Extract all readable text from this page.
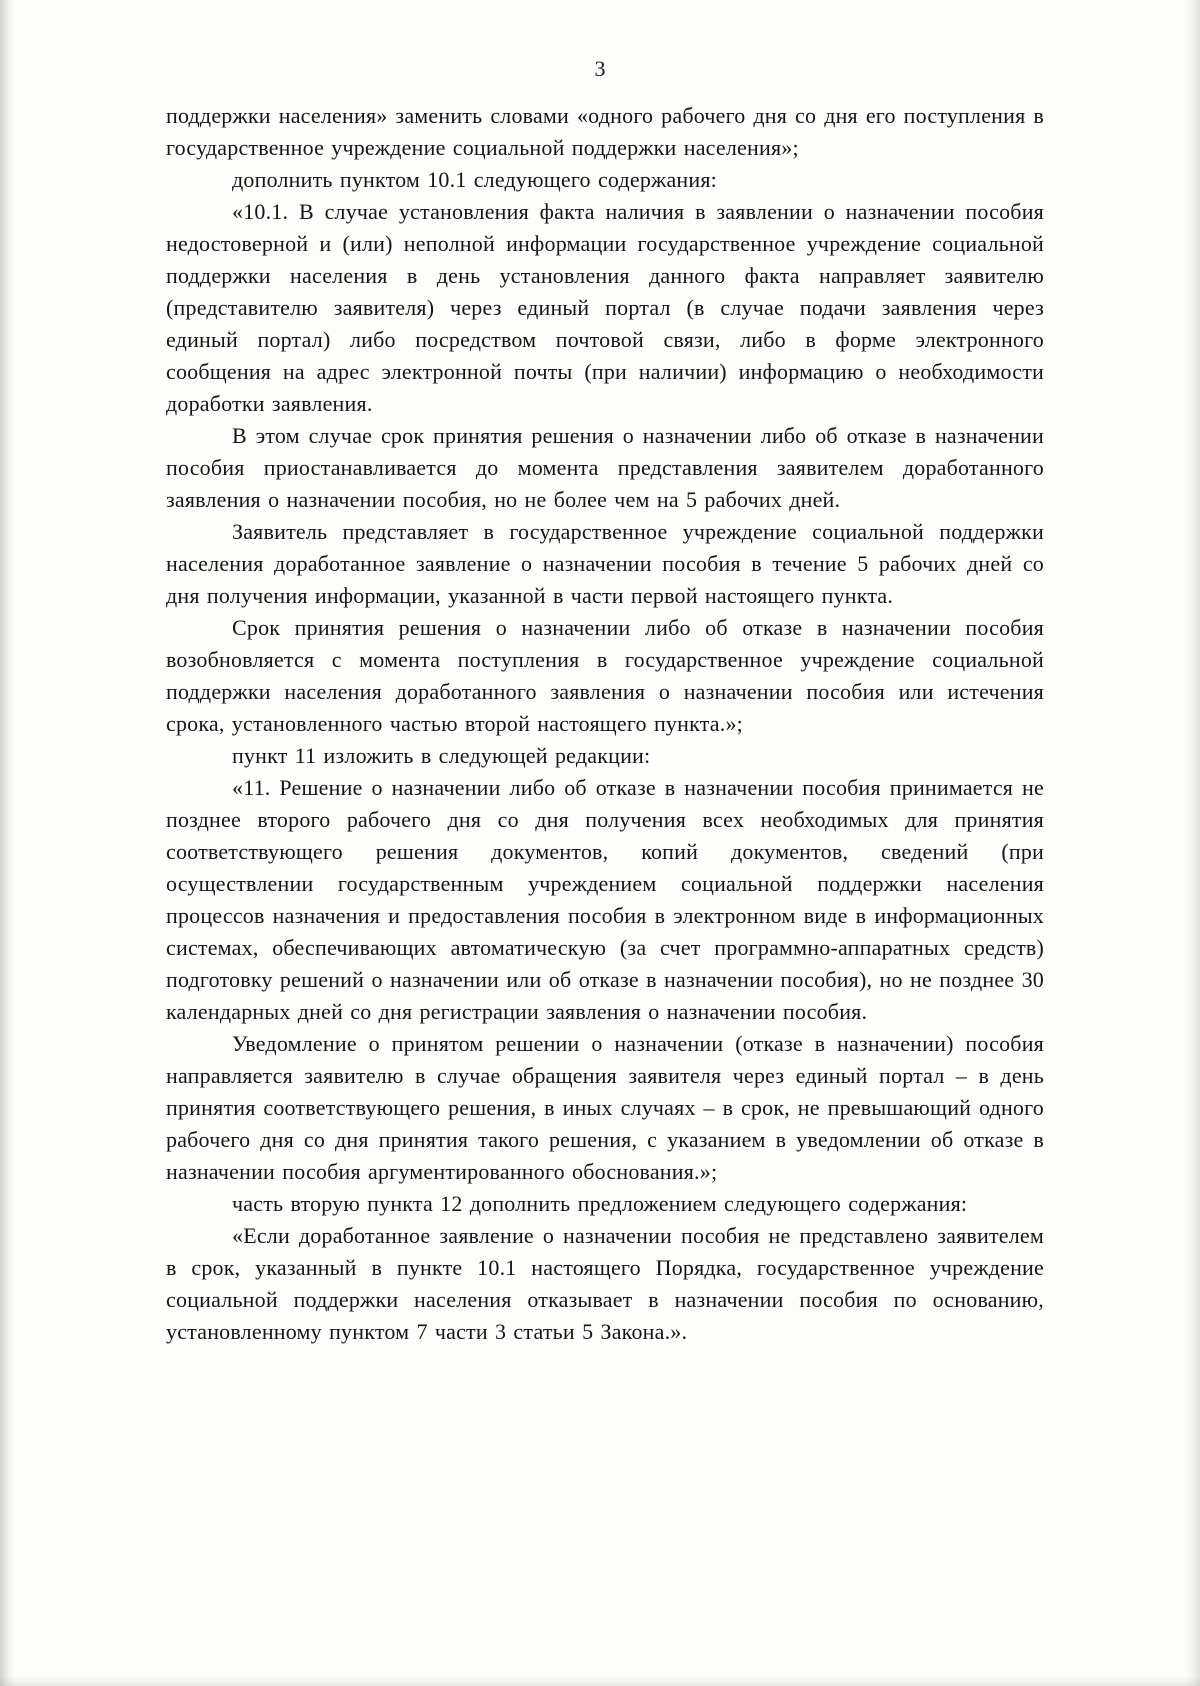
3

поддержки населения» заменить словами «одного рабочего дня со дня его поступления в государственное учреждение социальной поддержки населения»;

дополнить пунктом 10.1 следующего содержания:

«10.1. В случае установления факта наличия в заявлении о назначении пособия недостоверной и (или) неполной информации государственное учреждение социальной поддержки населения в день установления данного факта направляет заявителю (представителю заявителя) через единый портал (в случае подачи заявления через единый портал) либо посредством почтовой связи, либо в форме электронного сообщения на адрес электронной почты (при наличии) информацию о необходимости доработки заявления.

В этом случае срок принятия решения о назначении либо об отказе в назначении пособия приостанавливается до момента представления заявителем доработанного заявления о назначении пособия, но не более чем на 5 рабочих дней.

Заявитель представляет в государственное учреждение социальной поддержки населения доработанное заявление о назначении пособия в течение 5 рабочих дней со дня получения информации, указанной в части первой настоящего пункта.

Срок принятия решения о назначении либо об отказе в назначении пособия возобновляется с момента поступления в государственное учреждение социальной поддержки населения доработанного заявления о назначении пособия или истечения срока, установленного частью второй настоящего пункта.»;

пункт 11 изложить в следующей редакции:

«11. Решение о назначении либо об отказе в назначении пособия принимается не позднее второго рабочего дня со дня получения всех необходимых для принятия соответствующего решения документов, копий документов, сведений (при осуществлении государственным учреждением социальной поддержки населения процессов назначения и предоставления пособия в электронном виде в информационных системах, обеспечивающих автоматическую (за счет программно-аппаратных средств) подготовку решений о назначении или об отказе в назначении пособия), но не позднее 30 календарных дней со дня регистрации заявления о назначении пособия.

Уведомление о принятом решении о назначении (отказе в назначении) пособия направляется заявителю в случае обращения заявителя через единый портал – в день принятия соответствующего решения, в иных случаях – в срок, не превышающий одного рабочего дня со дня принятия такого решения, с указанием в уведомлении об отказе в назначении пособия аргументированного обоснования.»;

часть вторую пункта 12 дополнить предложением следующего содержания:

«Если доработанное заявление о назначении пособия не представлено заявителем в срок, указанный в пункте 10.1 настоящего Порядка, государственное учреждение социальной поддержки населения отказывает в назначении пособия по основанию, установленному пунктом 7 части 3 статьи 5 Закона.».
